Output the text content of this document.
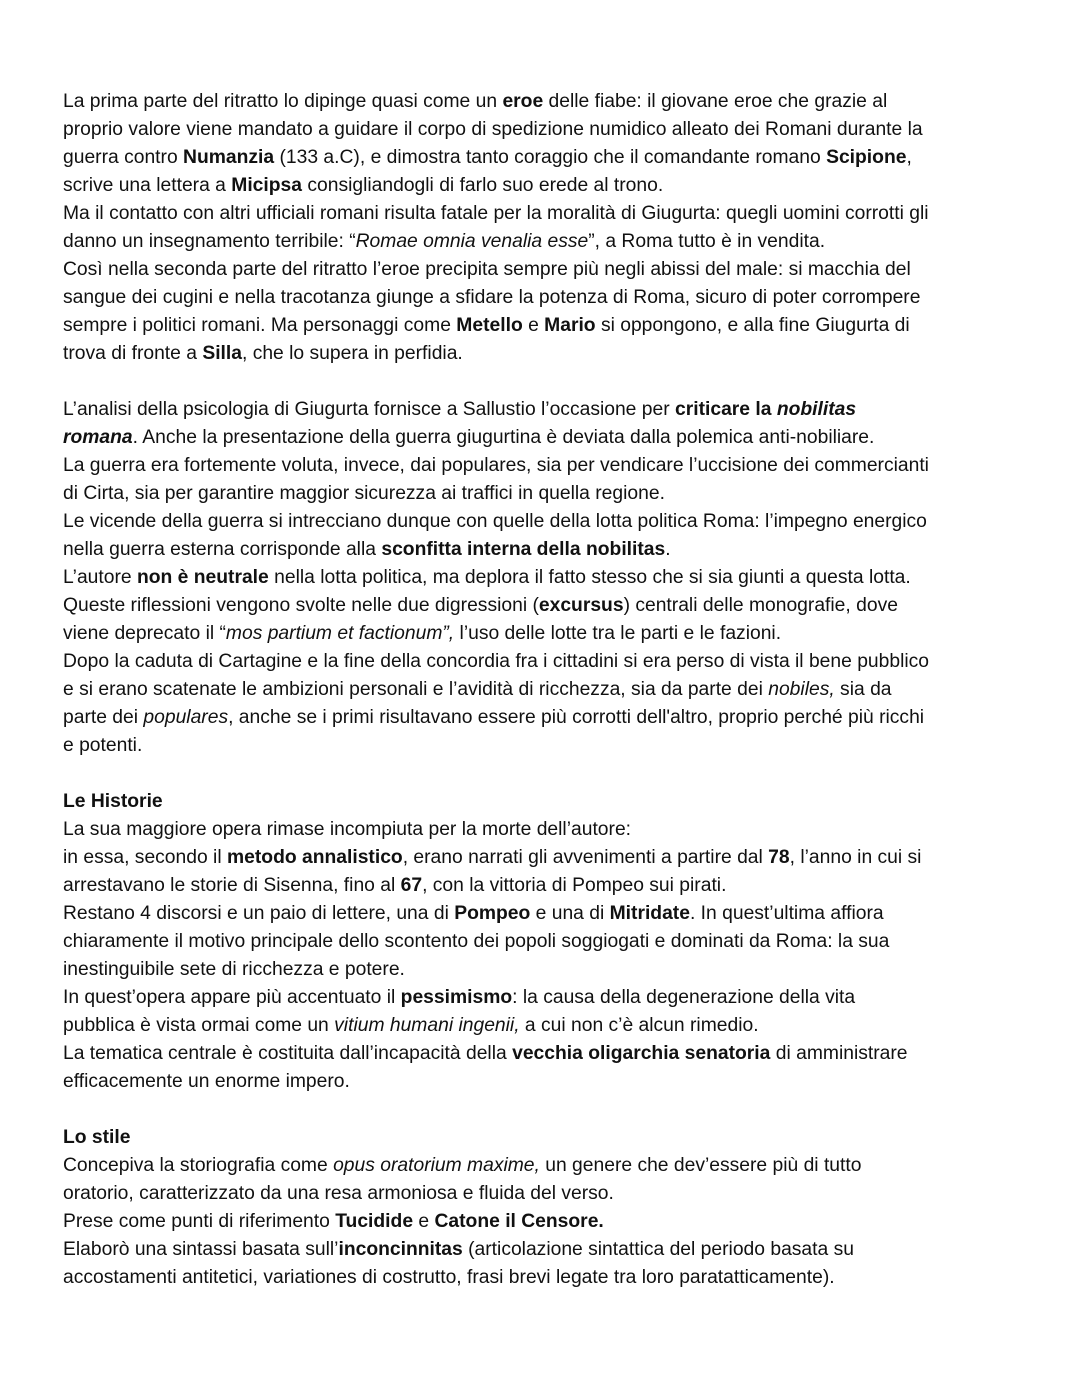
La prima parte del ritratto lo dipinge quasi come un eroe delle fiabe: il giovane eroe che grazie al
proprio valore viene mandato a guidare il corpo di spedizione numidico alleato dei Romani durante la
guerra contro Numanzia (133 a.C), e dimostra tanto coraggio che il comandante romano Scipione,
scrive una lettera a Micipsa consigliandogli di farlo suo erede al trono.
Ma il contatto con altri ufficiali romani risulta fatale per la moralità di Giugurta: quegli uomini corrotti gli
danno un insegnamento terribile: “Romae omnia venalia esse”, a Roma tutto è in vendita.
Così nella seconda parte del ritratto l’eroe precipita sempre più negli abissi del male: si macchia del
sangue dei cugini e nella tracotanza giunge a sfidare la potenza di Roma, sicuro di poter corrompere
sempre i politici romani. Ma personaggi come Metello e Mario si oppongono, e alla fine Giugurta di
trova di fronte a Silla, che lo supera in perfidia.
L’analisi della psicologia di Giugurta fornisce a Sallustio l’occasione per criticare la nobilitas
romana. Anche la presentazione della guerra giugurtina è deviata dalla polemica anti-nobiliare.
La guerra era fortemente voluta, invece, dai populares, sia per vendicare l’uccisione dei commercianti
di Cirta, sia per garantire maggior sicurezza ai traffici in quella regione.
Le vicende della guerra si intrecciano dunque con quelle della lotta politica Roma: l’impegno energico
nella guerra esterna corrisponde alla sconfitta interna della nobilitas.
L’autore non è neutrale nella lotta politica, ma deplora il fatto stesso che si sia giunti a questa lotta.
Queste riflessioni vengono svolte nelle due digressioni (excursus) centrali delle monografie, dove
viene deprecato il “mos partium et factionum”, l’uso delle lotte tra le parti e le fazioni.
Dopo la caduta di Cartagine e la fine della concordia fra i cittadini si era perso di vista il bene pubblico
e si erano scatenate le ambizioni personali e l’avidità di ricchezza, sia da parte dei nobiles, sia da
parte dei populares, anche se i primi risultavano essere più corrotti dell'altro, proprio perché più ricchi
e potenti.
Le Historie
La sua maggiore opera rimase incompiuta per la morte dell’autore:
in essa, secondo il metodo annalistico, erano narrati gli avvenimenti a partire dal 78, l’anno in cui si
arrestavano le storie di Sisenna, fino al 67, con la vittoria di Pompeo sui pirati.
Restano 4 discorsi e un paio di lettere, una di Pompeo e una di Mitridate. In quest’ultima affiora
chiaramente il motivo principale dello scontento dei popoli soggiogati e dominati da Roma: la sua
inestinguibile sete di ricchezza e potere.
In quest’opera appare più accentuato il pessimismo: la causa della degenerazione della vita
pubblica è vista ormai come un vitium humani ingenii, a cui non c’è alcun rimedio.
La tematica centrale è costituita dall’incapacità della vecchia oligarchia senatoria di amministrare
efficacemente un enorme impero.
Lo stile
Concepiva la storiografia come opus oratorium maxime, un genere che dev’essere più di tutto
oratorio, caratterizzato da una resa armoniosa e fluida del verso.
Prese come punti di riferimento Tucidide e Catone il Censore.
Elaborò una sintassi basata sull’inconcinnitas (articolazione sintattica del periodo basata su
accostamenti antitetici, variationes di costrutto, frasi brevi legate tra loro paratatticamente).
